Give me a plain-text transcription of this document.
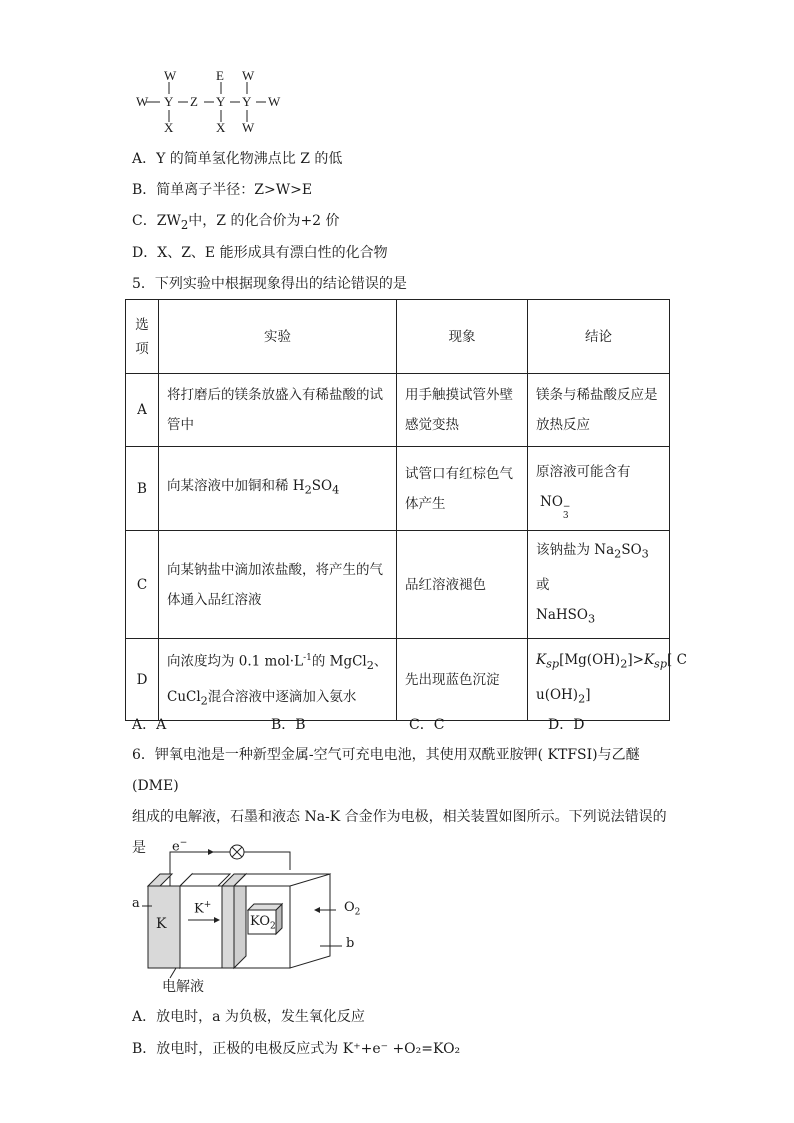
W	E W
W Y Z Y Y W
X	X W
A．Y 的简单氢化物沸点比 Z 的低
B．简单离子半径：Z>W>E
C．$ZW_2$中，Z 的化合价为+2 价
D．X、Z、E 能形成具有漂白性的化合物
5．下列实验中根据现象得出的结论错误的是
选项	实验	现象	结论
A	将打磨后的镁条放盛入有稀盐酸的试管中	用手触摸试管外壁感觉变热	镁条与稀盐酸反应是放热反应
B	向某溶液中加铜和稀 $H_2SO_4$	试管口有红棕色气体产生	原溶液可能含有
NO −
3

C	向某钠盐中滴加浓盐酸，将产生的气体通入品红溶液	品红溶液褪色	该钠盐为 $Na_2SO_3$或
NaHSO$_3$
D	向浓度均为 0.1 $mol\cdot L^{-1}$的 MgCl$_2$、
CuCl$_2$混合溶液中逐滴加入氨水	先出现蓝色沉淀	$K_{sp}[Mg(OH)_2]>K_{sp}$[ C
$u(OH)_2$]
A．A	B．B	C．C	D．D
6．钾氧电池是一种新型金属-空气可充电电池，其使用双酰亚胺钾( KTFSI)与乙醚(DME)
组成的电解液，石墨和液态 Na-K 合金作为电极，相关装置如图所示。下列说法错误的
是	e−
a
b
K
K+
$KO_2$
$O_2$
电解液
A．放电时，a 为负极，发生氧化反应
B．放电时，正极的电极反应式为 K⁺+e⁻ +O₂=KO₂
